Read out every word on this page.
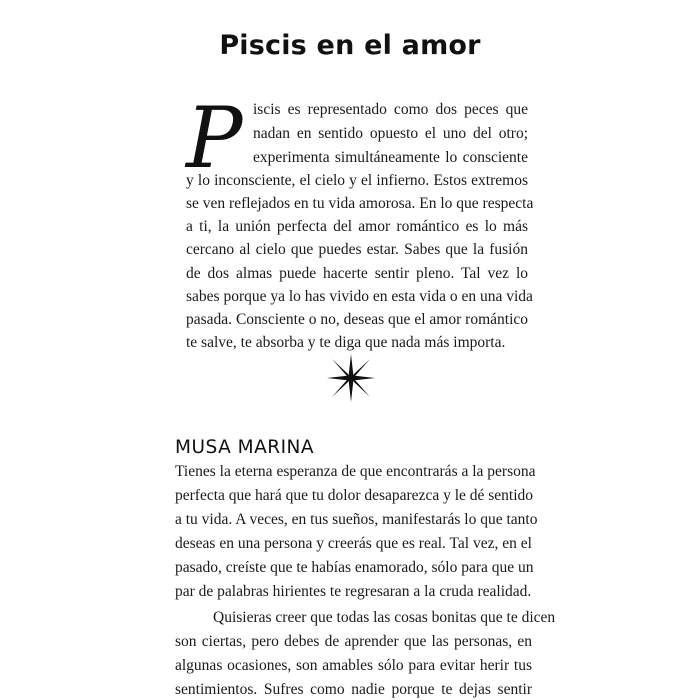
Piscis en el amor
P iscis es representado como dos peces que
nadan en sentido opuesto el uno del otro;
experimenta simultáneamente lo consciente
y lo inconsciente, el cielo y el infierno. Estos extremos
se ven reflejados en tu vida amorosa. En lo que respecta
a ti, la unión perfecta del amor romántico es lo más
cercano al cielo que puedes estar. Sabes que la fusión
de dos almas puede hacerte sentir pleno. Tal vez lo
sabes porque ya lo has vivido en esta vida o en una vida
pasada. Consciente o no, deseas que el amor romántico
te salve, te absorba y te diga que nada más importa.
MUSA MARINA
Tienes la eterna esperanza de que encontrarás a la persona
perfecta que hará que tu dolor desaparezca y le dé sentido
a tu vida. A veces, en tus sueños, manifestarás lo que tanto
deseas en una persona y creerás que es real. Tal vez, en el
pasado, creíste que te habías enamorado, sólo para que un
par de palabras hirientes te regresaran a la cruda realidad.
Quisieras creer que todas las cosas bonitas que te dicen
son ciertas, pero debes de aprender que las personas, en
algunas ocasiones, son amables sólo para evitar herir tus
sentimientos. Sufres como nadie porque te dejas sentir
